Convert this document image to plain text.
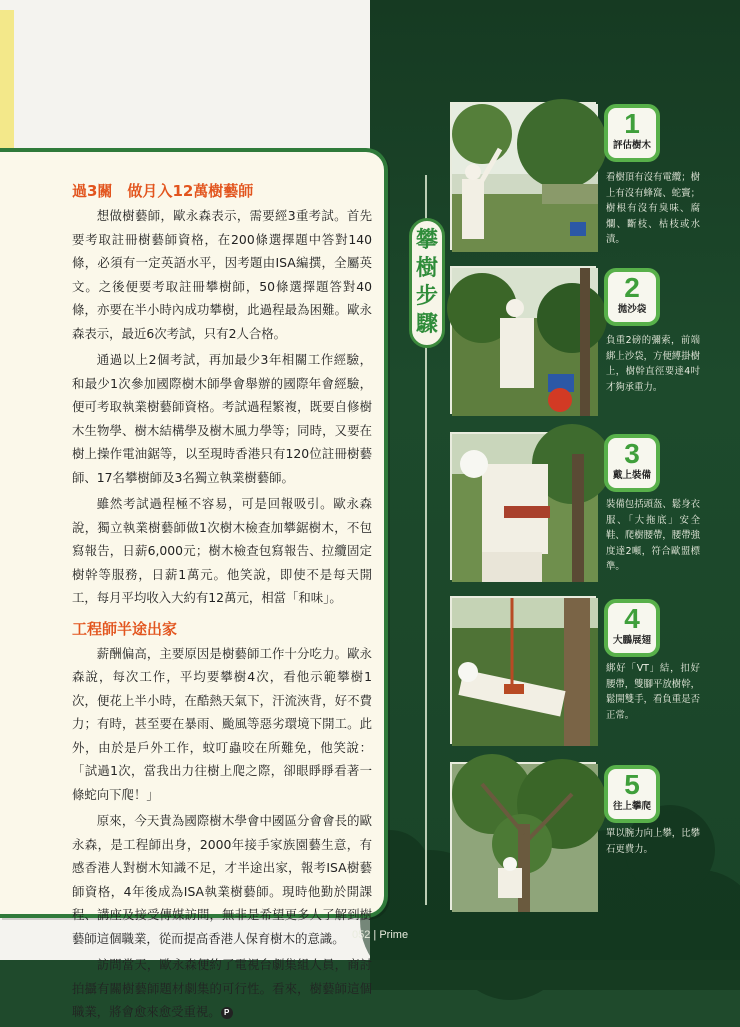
過3關　做月入12萬樹藝師

想做樹藝師，歐永森表示，需要經3重考試。首先要考取註冊樹藝師資格，在200條選擇題中答對140條，必須有一定英語水平，因考題由ISA編撰，全屬英文。之後便要考取註冊攀樹師，50條選擇題答對40條，亦要在半小時內成功攀樹，此過程最為困難。歐永森表示，最近6次考試，只有2人合格。

通過以上2個考試，再加最少3年相關工作經驗，和最少1次參加國際樹木師學會舉辦的國際年會經驗，便可考取執業樹藝師資格。考試過程繁複，既要自修樹木生物學、樹木結構學及樹木風力學等；同時，又要在樹上操作電油鋸等，以至現時香港只有120位註冊樹藝師、17名攀樹師及3名獨立執業樹藝師。

雖然考試過程極不容易，可是回報吸引。歐永森說，獨立執業樹藝師做1次樹木檢查加攀鋸樹木，不包寫報告，日薪6,000元；樹木檢查包寫報告、拉纜固定樹幹等服務，日薪1萬元。他笑說，即使不是每天開工，每月平均收入大約有12萬元，相當「和味」。

工程師半途出家

薪酬偏高，主要原因是樹藝師工作十分吃力。歐永森說，每次工作，平均要攀樹4次，看他示範攀樹1次，便花上半小時，在酷熱天氣下，汗流浹背，好不費力；有時，甚至要在暴雨、颱風等惡劣環境下開工。此外，由於是戶外工作，蚊叮蟲咬在所難免，他笑說：「試過1次，當我出力往樹上爬之際，卻眼睜睜看著一條蛇向下爬！」

原來，今天貴為國際樹木學會中國區分會會長的歐永森，是工程師出身，2000年接手家族園藝生意，有感香港人對樹木知識不足，才半途出家，報考ISA樹藝師資格，4年後成為ISA執業樹藝師。現時他勤於開課程、講座及接受傳媒訪問，無非是希望更多人了解到樹藝師這個職業，從而提高香港人保育樹木的意識。

訪問當天，歐永森便約了電視台劇集組人員，商討拍攝有關樹藝師題材劇集的可行性。看來，樹藝師這個職業，將會愈來愈受重視。 P

攀
樹
步
驟
1
評估樹木
看樹頂有沒有電纜；樹上有沒有蜂窩、蛇竇；樹根有沒有臭味、腐爛、斷枝、枯枝或水漬。
2
拋沙袋
負重2磅的彌索，前端綁上沙袋，方便縛掛樹上，樹幹直徑要達4吋才夠承重力。
3
戴上裝備
裝備包括頭盔、鬆身衣服、「大拖底」安全鞋、爬樹腰帶，腰帶強度達2噸，符合歐盟標準。
4
大鵬展翅
綁好「VT」結，扣好腰帶，雙腳平放樹幹，鬆開雙手，看負重是否正常。
5
往上攀爬
單以腕力向上攀，比攀石更費力。
052 | Prime
